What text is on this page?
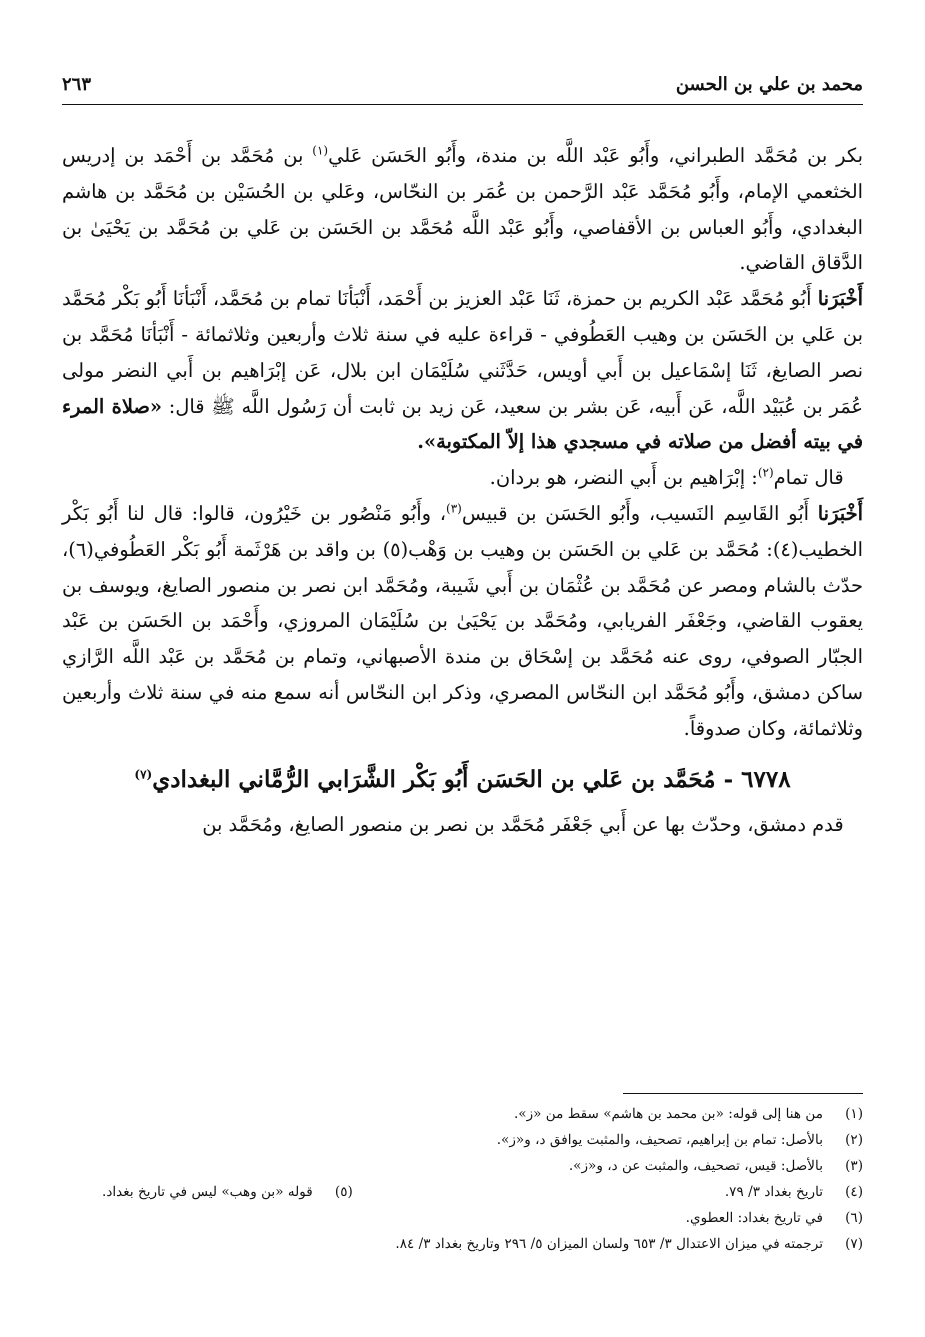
محمد بن علي بن الحسن
٢٦٣

بكر بن مُحَمَّد الطبراني، وأَبُو عَبْد اللَّه بن مندة، وأَبُو الحَسَن عَلي$^{(١)}$ بن مُحَمَّد بن أَحْمَد بن إدريس الخثعمي الإمام، وأَبُو مُحَمَّد عَبْد الرَّحمن بن عُمَر بن النحّاس، وعَلي بن الحُسَيْن بن مُحَمَّد بن هاشم البغدادي، وأَبُو العباس بن الأقفاصي، وأَبُو عَبْد اللَّه مُحَمَّد بن الحَسَن بن عَلي بن مُحَمَّد بن يَحْيَىٰ بن الدَّقاق القاضي.

أَخْبَرَنا أَبُو مُحَمَّد عَبْد الكريم بن حمزة، ثَنَا عَبْد العزيز بن أَحْمَد، أَنْبَأنَا تمام بن مُحَمَّد، أَنْبَأنَا أَبُو بَكْر مُحَمَّد بن عَلي بن الحَسَن بن وهيب العَطُوفي - قراءة عليه في سنة ثلاث وأربعين وثلاثمائة - أَنْبَأنَا مُحَمَّد بن نصر الصايغ، ثَنَا إسْمَاعيل بن أَبي أويس، حَدَّثَني سُلَيْمَان ابن بلال، عَن إبْرَاهيم بن أَبي النضر مولى عُمَر بن عُبَيْد اللَّه، عَن أَبيه، عَن بشر بن سعيد، عَن زيد بن ثابت أن رَسُول اللَّه ﷺ قال: «صلاة المرء في بيته أفضل من صلاته في مسجدي هذا إلاّ المكتوبة».

 قال تمام$^{(٢)}$: إبْرَاهيم بن أَبي النضر، هو بردان.

أَخْبَرَنا أَبُو القَاسِم النَسيب، وأَبُو الحَسَن بن قبيس$^{(٣)}$، وأَبُو مَنْصُور بن خَيْرُون، قالوا: قال لنا أَبُو بَكْر الخطيب(٤): مُحَمَّد بن عَلي بن الحَسَن بن وهيب بن وَهْب(٥) بن واقد بن هَرْثَمة أَبُو بَكْر العَطُوفي(٦)، حدّث بالشام ومصر عن مُحَمَّد بن عُثْمَان بن أَبي شَيبة، ومُحَمَّد ابن نصر بن منصور الصايغ، ويوسف بن يعقوب القاضي، وجَعْفَر الفريابي، ومُحَمَّد بن يَحْيَىٰ بن سُلَيْمَان المروزي، وأَحْمَد بن الحَسَن بن عَبْد الجبّار الصوفي، روى عنه مُحَمَّد بن إسْحَاق بن مندة الأصبهاني، وتمام بن مُحَمَّد بن عَبْد اللَّه الرَّازي ساكن دمشق، وأَبُو مُحَمَّد ابن النحّاس المصري، وذكر ابن النحّاس أنه سمع منه في سنة ثلاث وأربعين وثلاثمائة، وكان صدوقاً.

٦٧٧٨ - مُحَمَّد بن عَلي بن الحَسَن أَبُو بَكْر الشَّرَابي الرُّمَّاني البغدادي$^{(٧)}$

 قدم دمشق، وحدّث بها عن أَبي جَعْفَر مُحَمَّد بن نصر بن منصور الصايغ، ومُحَمَّد بن

(١)
من هنا إلى قوله: «بن محمد بن هاشم» سقط من «ز».
(٢)
بالأصل: تمام بن إبراهيم، تصحيف، والمثبت يوافق د، و«ز».
(٣)
بالأصل: قيس، تصحيف، والمثبت عن د، و«ز».
(٤)
تاريخ بغداد ٣/ ٧٩.
(٥)
قوله «بن وهب» ليس في تاريخ بغداد.
(٦)
في تاريخ بغداد: العطوي.
(٧)
ترجمته في ميزان الاعتدال ٣/ ٦٥٣ ولسان الميزان ٥/ ٢٩٦ وتاريخ بغداد ٣/ ٨٤.
